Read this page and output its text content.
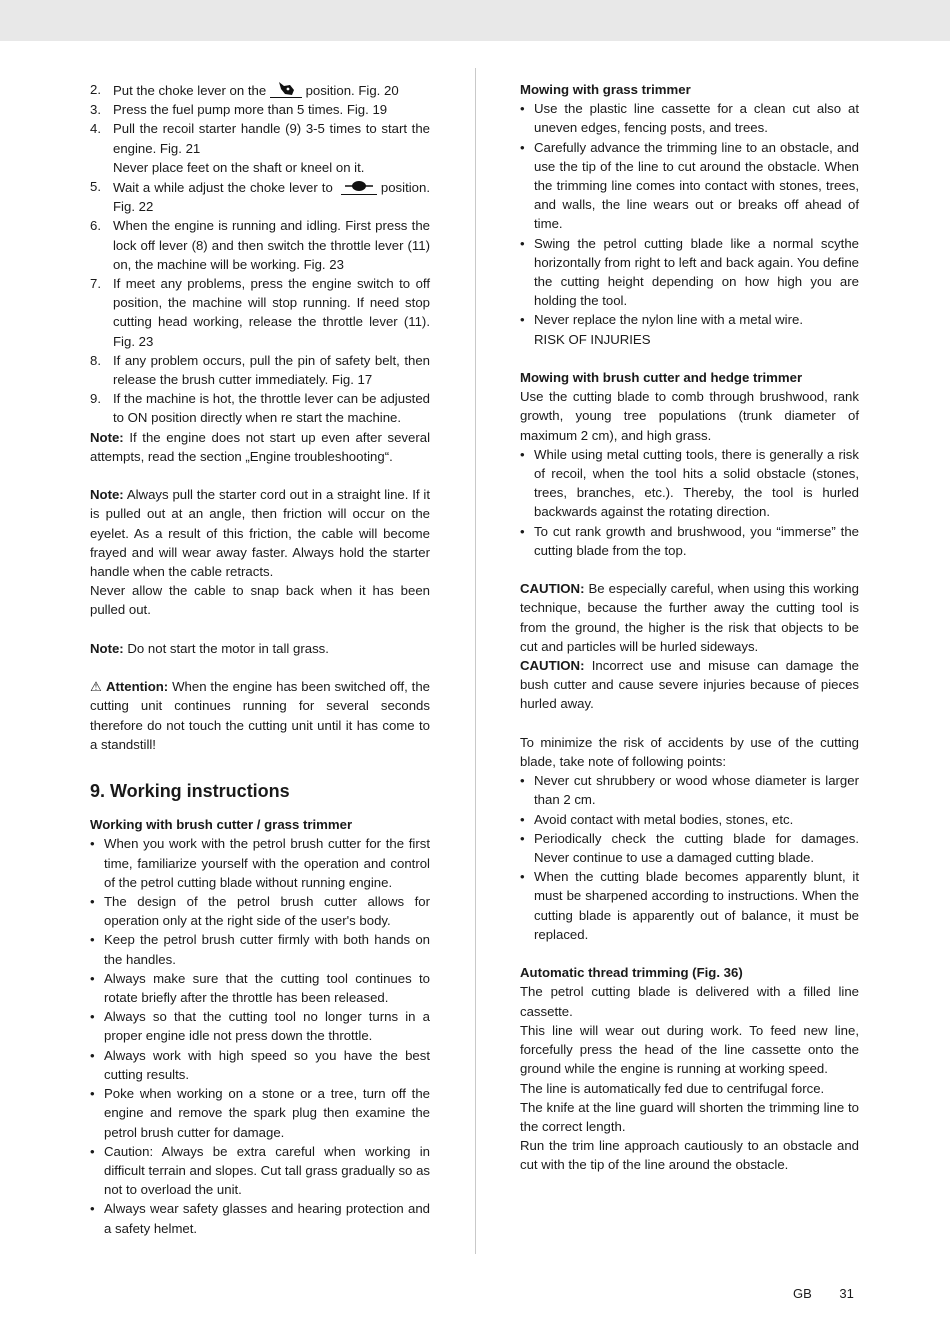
2. Put the choke lever on the	position. Fig. 20
3. Press the fuel pump more than 5 times. Fig. 19
4. Pull the recoil starter handle (9) 3-5 times to start the engine. Fig. 21
Never place feet on the shaft or kneel on it.
5. Wait a while adjust the choke lever to	position. Fig. 22
6. When the engine is running and idling. First press the lock off lever (8) and then switch the throttle lever (11) on, the machine will be working. Fig. 23
7. If meet any problems, press the engine switch to off position, the machine will stop running. If need stop cutting head working, release the throttle lever (11). Fig. 23
8. If any problem occurs, pull the pin of safety belt, then release the brush cutter immediately. Fig. 17
9. If the machine is hot, the throttle lever can be adjusted to ON position directly when re start the machine.

Note: If the engine does not start up even after several attempts, read the section „Engine troubleshooting“.

Note: Always pull the starter cord out in a straight line. If it is pulled out at an angle, then friction will occur on the eyelet. As a result of this friction, the cable will become frayed and will wear away faster. Always hold the starter handle when the cable retracts.

Never allow the cable to snap back when it has been pulled out.

Note: Do not start the motor in tall grass.

⚠ Attention: When the engine has been switched off, the cutting unit continues running for several seconds therefore do not touch the cutting unit until it has come to a standstill!

9. Working instructions

Working with brush cutter / grass trimmer

• When you work with the petrol brush cutter for the first time, familiarize yourself with the operation and control of the petrol cutting blade without running engine.
• The design of the petrol brush cutter allows for operation only at the right side of the user's body.
• Keep the petrol brush cutter firmly with both hands on the handles.
• Always make sure that the cutting tool continues to rotate briefly after the throttle has been released.
• Always so that the cutting tool no longer turns in a proper engine idle not press down the throttle.
• Always work with high speed so you have the best cutting results.
• Poke when working on a stone or a tree, turn off the engine and remove the spark plug then examine the petrol brush cutter for damage.
• Caution: Always be extra careful when working in difficult terrain and slopes. Cut tall grass gradually so as not to overload the unit.
• Always wear safety glasses and hearing protection and a safety helmet.

Mowing with grass trimmer

• Use the plastic line cassette for a clean cut also at uneven edges, fencing posts, and trees.
• Carefully advance the trimming line to an obstacle, and use the tip of the line to cut around the obstacle. When the trimming line comes into contact with stones, trees, and walls, the line wears out or breaks off ahead of time.
• Swing the petrol cutting blade like a normal scythe horizontally from right to left and back again. You define the cutting height depending on how high you are holding the tool.
• Never replace the nylon line with a metal wire.
RISK OF INJURIES

Mowing with brush cutter and hedge trimmer

Use the cutting blade to comb through brushwood, rank growth, young tree populations (trunk diameter of maximum 2 cm), and high grass.

• While using metal cutting tools, there is generally a risk of recoil, when the tool hits a solid obstacle (stones, trees, branches, etc.). Thereby, the tool is hurled backwards against the rotating direction.
• To cut rank growth and brushwood, you “immerse” the cutting blade from the top.

CAUTION: Be especially careful, when using this working technique, because the further away the cutting tool is from the ground, the higher is the risk that objects to be cut and particles will be hurled sideways.

CAUTION: Incorrect use and misuse can damage the bush cutter and cause severe injuries because of pieces hurled away.

To minimize the risk of accidents by use of the cutting blade, take note of following points:

• Never cut shrubbery or wood whose diameter is larger than 2 cm.
• Avoid contact with metal bodies, stones, etc.
• Periodically check the cutting blade for damages. Never continue to use a damaged cutting blade.
• When the cutting blade becomes apparently blunt, it must be sharpened according to instructions. When the cutting blade is apparently out of balance, it must be replaced.

Automatic thread trimming (Fig. 36)

The petrol cutting blade is delivered with a filled line cassette.

This line will wear out during work. To feed new line, forcefully press the head of the line cassette onto the ground while the engine is running at working speed.

The line is automatically fed due to centrifugal force.

The knife at the line guard will shorten the trimming line to the correct length.

Run the trim line approach cautiously to an obstacle and cut with the tip of the line around the obstacle.

GB 31
